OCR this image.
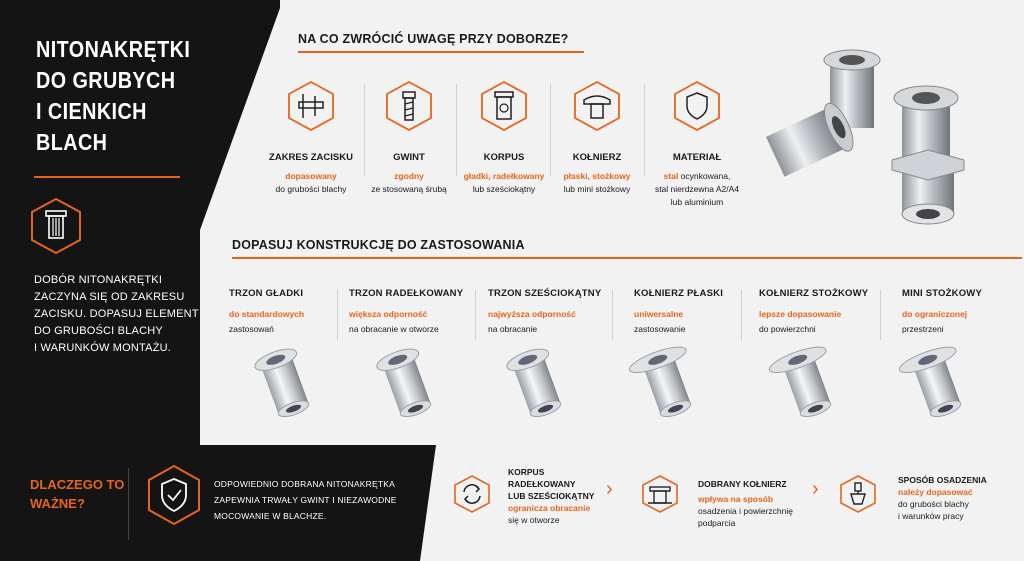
NITONAKRĘTKI
DO GRUBYCH
I CIENKICH
BLACH
DOBÓR NITONAKRĘTKI
ZACZYNA SIĘ OD ZAKRESU
ZACISKU. DOPASUJ ELEMENT
DO GRUBOŚCI BLACHY
I WARUNKÓW MONTAŻU.
NA CO ZWRÓCIĆ UWAGĘ PRZY DOBORZE?
ZAKRES ZACISKU
dopasowany
do grubości blachy
GWINT
zgodny
ze stosowaną śrubą
KORPUS
gładki, radełkowany
lub sześciokątny
KOŁNIERZ
płaski, stożkowy
lub mini stożkowy
MATERIAŁ
stal ocynkowana,
stal nierdzewna A2/A4
lub aluminium
DOPASUJ KONSTRUKCJĘ DO ZASTOSOWANIA
TRZON GŁADKI
do standardowych
zastosowań
TRZON RADEŁKOWANY
większa odporność
na obracanie w otworze
TRZON SZEŚCIOKĄTNY
najwyższa odporność
na obracanie
KOŁNIERZ PŁASKI
uniwersalne
zastosowanie
KOŁNIERZ STOŻKOWY
lepsze dopasowanie
do powierzchni
MINI STOŻKOWY
do ograniczonej
przestrzeni
DLACZEGO TO
WAŻNE?
ODPOWIEDNIO DOBRANA NITONAKRĘTKA
ZAPEWNIA TRWAŁY GWINT I NIEZAWODNE
MOCOWANIE W BLACHZE.
KORPUS
RADEŁKOWANY
LUB SZEŚCIOKĄTNY
ogranicza obracanie
się w otworze
›	DOBRANY KOŁNIERZ
wpływa na sposób
osadzenia i powierzchnię
podparcia
›	SPOSÓB OSADZENIA
należy dopasować
do grubości blachy
i warunków pracy
